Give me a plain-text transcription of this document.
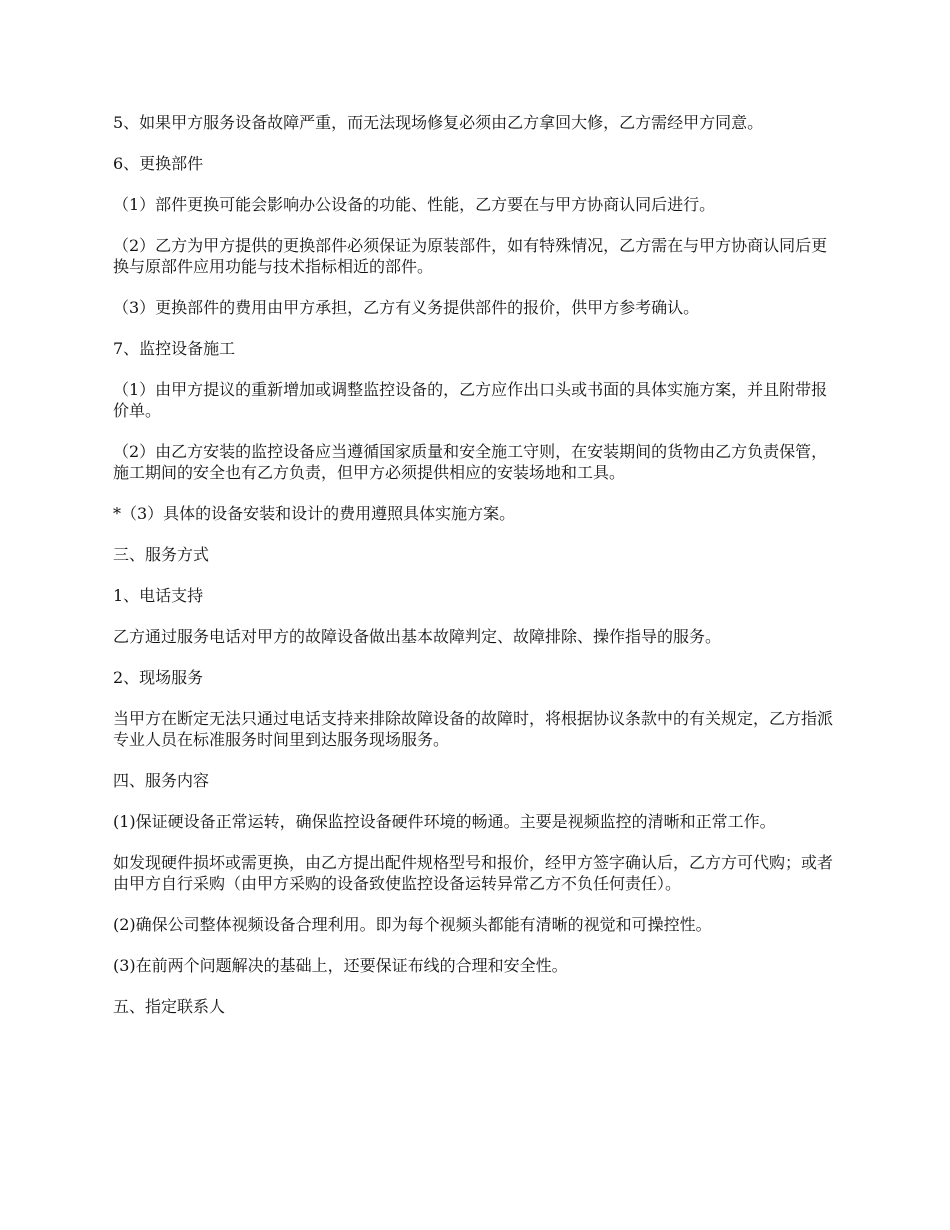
5、如果甲方服务设备故障严重，而无法现场修复必须由乙方拿回大修，乙方需经甲方同意。

6、更换部件

（1）部件更换可能会影响办公设备的功能、性能，乙方要在与甲方协商认同后进行。

（2）乙方为甲方提供的更换部件必须保证为原装部件，如有特殊情况，乙方需在与甲方协商认同后更换与原部件应用功能与技术指标相近的部件。

（3）更换部件的费用由甲方承担，乙方有义务提供部件的报价，供甲方参考确认。

7、监控设备施工

（1）由甲方提议的重新增加或调整监控设备的，乙方应作出口头或书面的具体实施方案，并且附带报价单。

（2）由乙方安装的监控设备应当遵循国家质量和安全施工守则，在安装期间的货物由乙方负责保管，施工期间的安全也有乙方负责，但甲方必须提供相应的安装场地和工具。

*（3）具体的设备安装和设计的费用遵照具体实施方案。

三、服务方式

1、电话支持

乙方通过服务电话对甲方的故障设备做出基本故障判定、故障排除、操作指导的服务。

2、现场服务

当甲方在断定无法只通过电话支持来排除故障设备的故障时，将根据协议条款中的有关规定，乙方指派专业人员在标准服务时间里到达服务现场服务。

四、服务内容

(1)保证硬设备正常运转，确保监控设备硬件环境的畅通。主要是视频监控的清晰和正常工作。

如发现硬件损坏或需更换，由乙方提出配件规格型号和报价，经甲方签字确认后，乙方方可代购；或者由甲方自行采购（由甲方采购的设备致使监控设备运转异常乙方不负任何责任）。

(2)确保公司整体视频设备合理利用。即为每个视频头都能有清晰的视觉和可操控性。

(3)在前两个问题解决的基础上，还要保证布线的合理和安全性。

五、指定联系人
